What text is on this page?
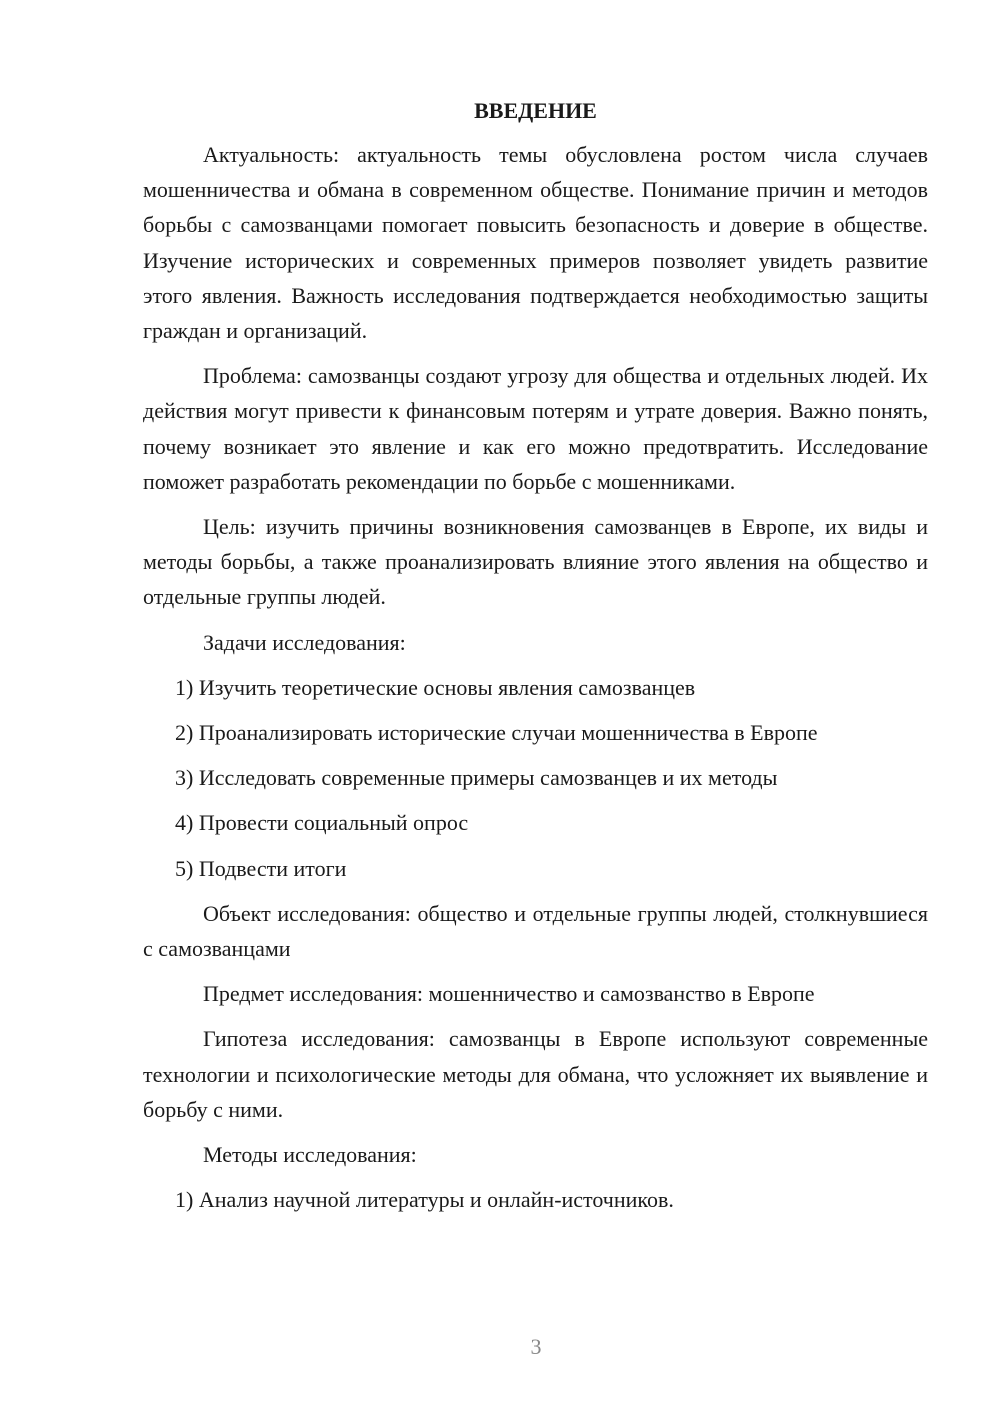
ВВЕДЕНИЕ

Актуальность: актуальность темы обусловлена ростом числа случаев мошенничества и обмана в современном обществе. Понимание причин и методов борьбы с самозванцами помогает повысить безопасность и доверие в обществе. Изучение исторических и современных примеров позволяет увидеть развитие этого явления. Важность исследования подтверждается необходимостью защиты граждан и организаций.

Проблема: самозванцы создают угрозу для общества и отдельных людей. Их действия могут привести к финансовым потерям и утрате доверия. Важно понять, почему возникает это явление и как его можно предотвратить. Исследование поможет разработать рекомендации по борьбе с мошенниками.

Цель: изучить причины возникновения самозванцев в Европе, их виды и методы борьбы, а также проанализировать влияние этого явления на общество и отдельные группы людей.

Задачи исследования:

1) Изучить теоретические основы явления самозванцев

2) Проанализировать исторические случаи мошенничества в Европе

3) Исследовать современные примеры самозванцев и их методы

4) Провести социальный опрос

5) Подвести итоги

Объект исследования: общество и отдельные группы людей, столкнувшиеся с самозванцами

Предмет исследования: мошенничество и самозванство в Европе

Гипотеза исследования: самозванцы в Европе используют современные технологии и психологические методы для обмана, что усложняет их выявление и борьбу с ними.

Методы исследования:

1) Анализ научной литературы и онлайн-источников.

3
